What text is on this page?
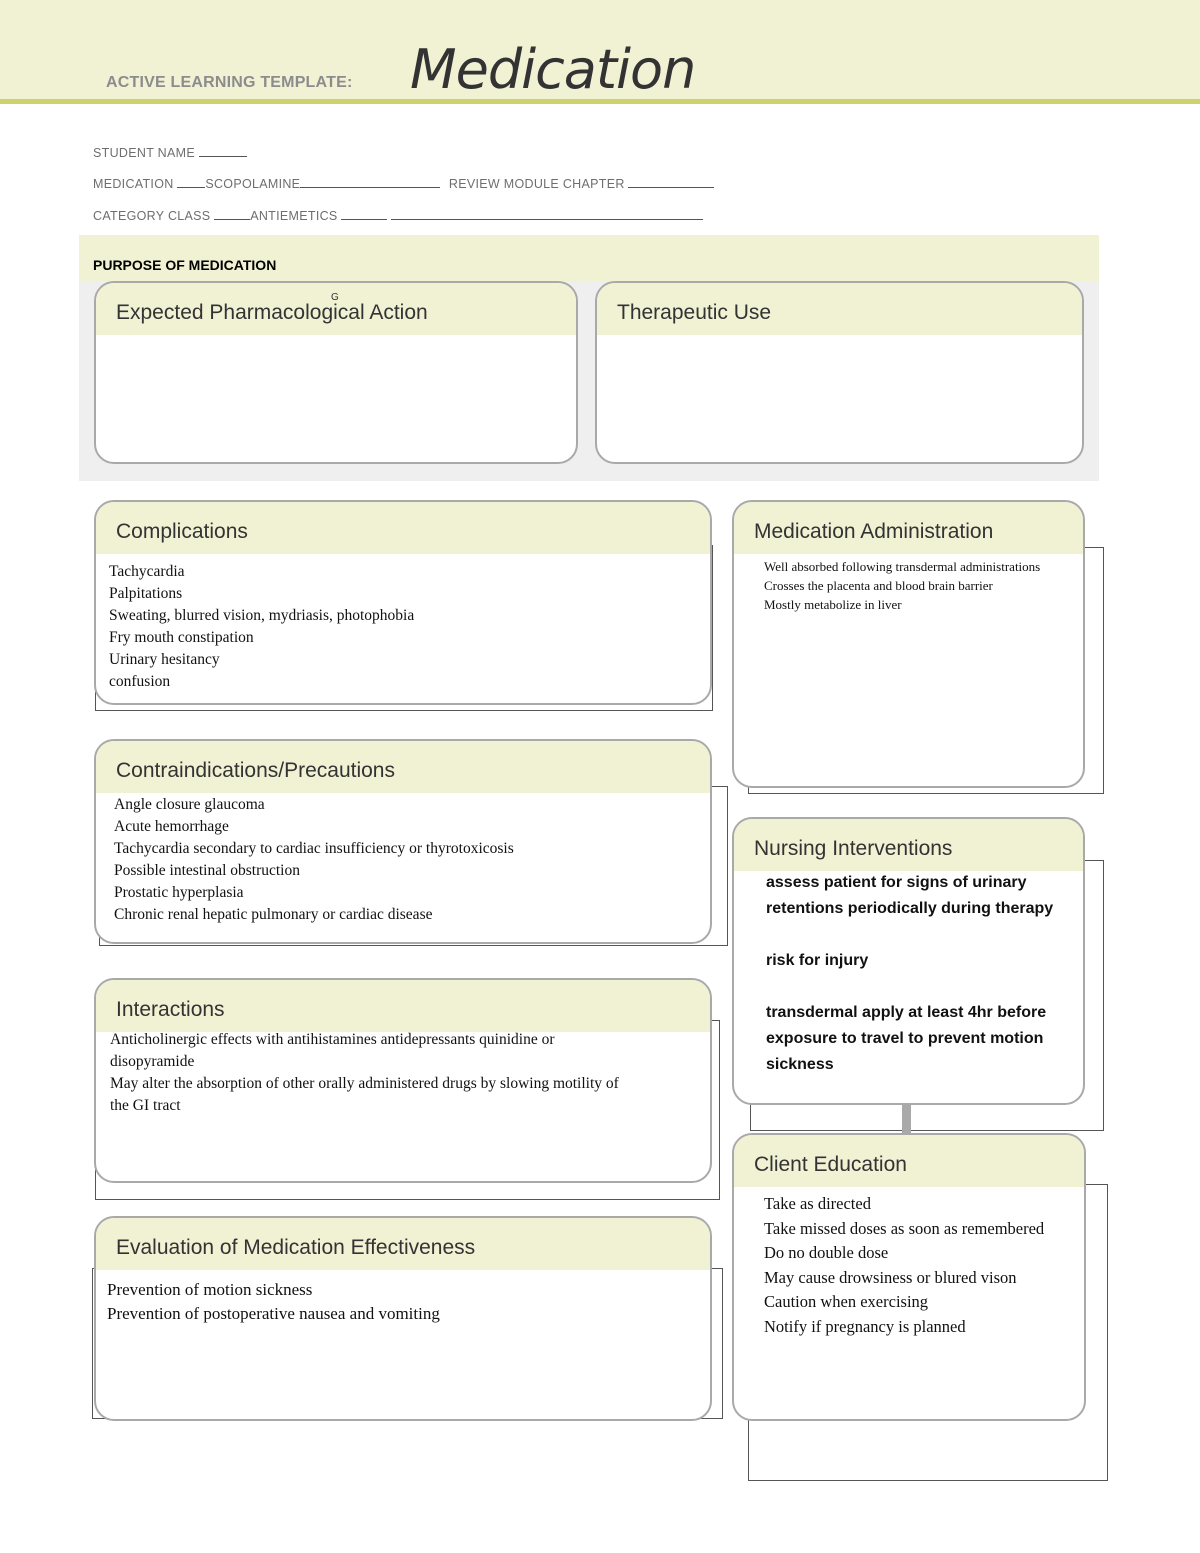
ACTIVE LEARNING TEMPLATE: Medication
STUDENT NAME
MEDICATION	SCOPOLAMINE	REVIEW MODULE CHAPTER
CATEGORY CLASS	ANTIEMETICS
PURPOSE OF MEDICATION
Expected Pharmacological Action
G
Therapeutic Use
Complications
Tachycardia
Palpitations
Sweating, blurred vision, mydriasis, photophobia
Fry mouth constipation
Urinary hesitancy
confusion
Contraindications/Precautions
Angle closure glaucoma
Acute hemorrhage
Tachycardia secondary to cardiac insufficiency or thyrotoxicosis
Possible intestinal obstruction
Prostatic hyperplasia
Chronic renal hepatic pulmonary or cardiac disease
Interactions
Anticholinergic effects with antihistamines antidepressants quinidine or
disopyramide
May alter the absorption of other orally administered drugs by slowing motility of
the GI tract
Evaluation of Medication Effectiveness
Prevention of motion sickness
Prevention of postoperative nausea and vomiting
Medication Administration
Well absorbed following transdermal administrations
Crosses the placenta and blood brain barrier
Mostly metabolize in liver
Nursing Interventions
assess patient for signs of urinary retentions periodically during therapy
risk for injury
transdermal apply at least 4hr before exposure to travel to prevent motion sickness
Client Education
Take as directed
Take missed doses as soon as remembered
Do no double dose
May cause drowsiness or blured vison
Caution when exercising
Notify if pregnancy is planned
